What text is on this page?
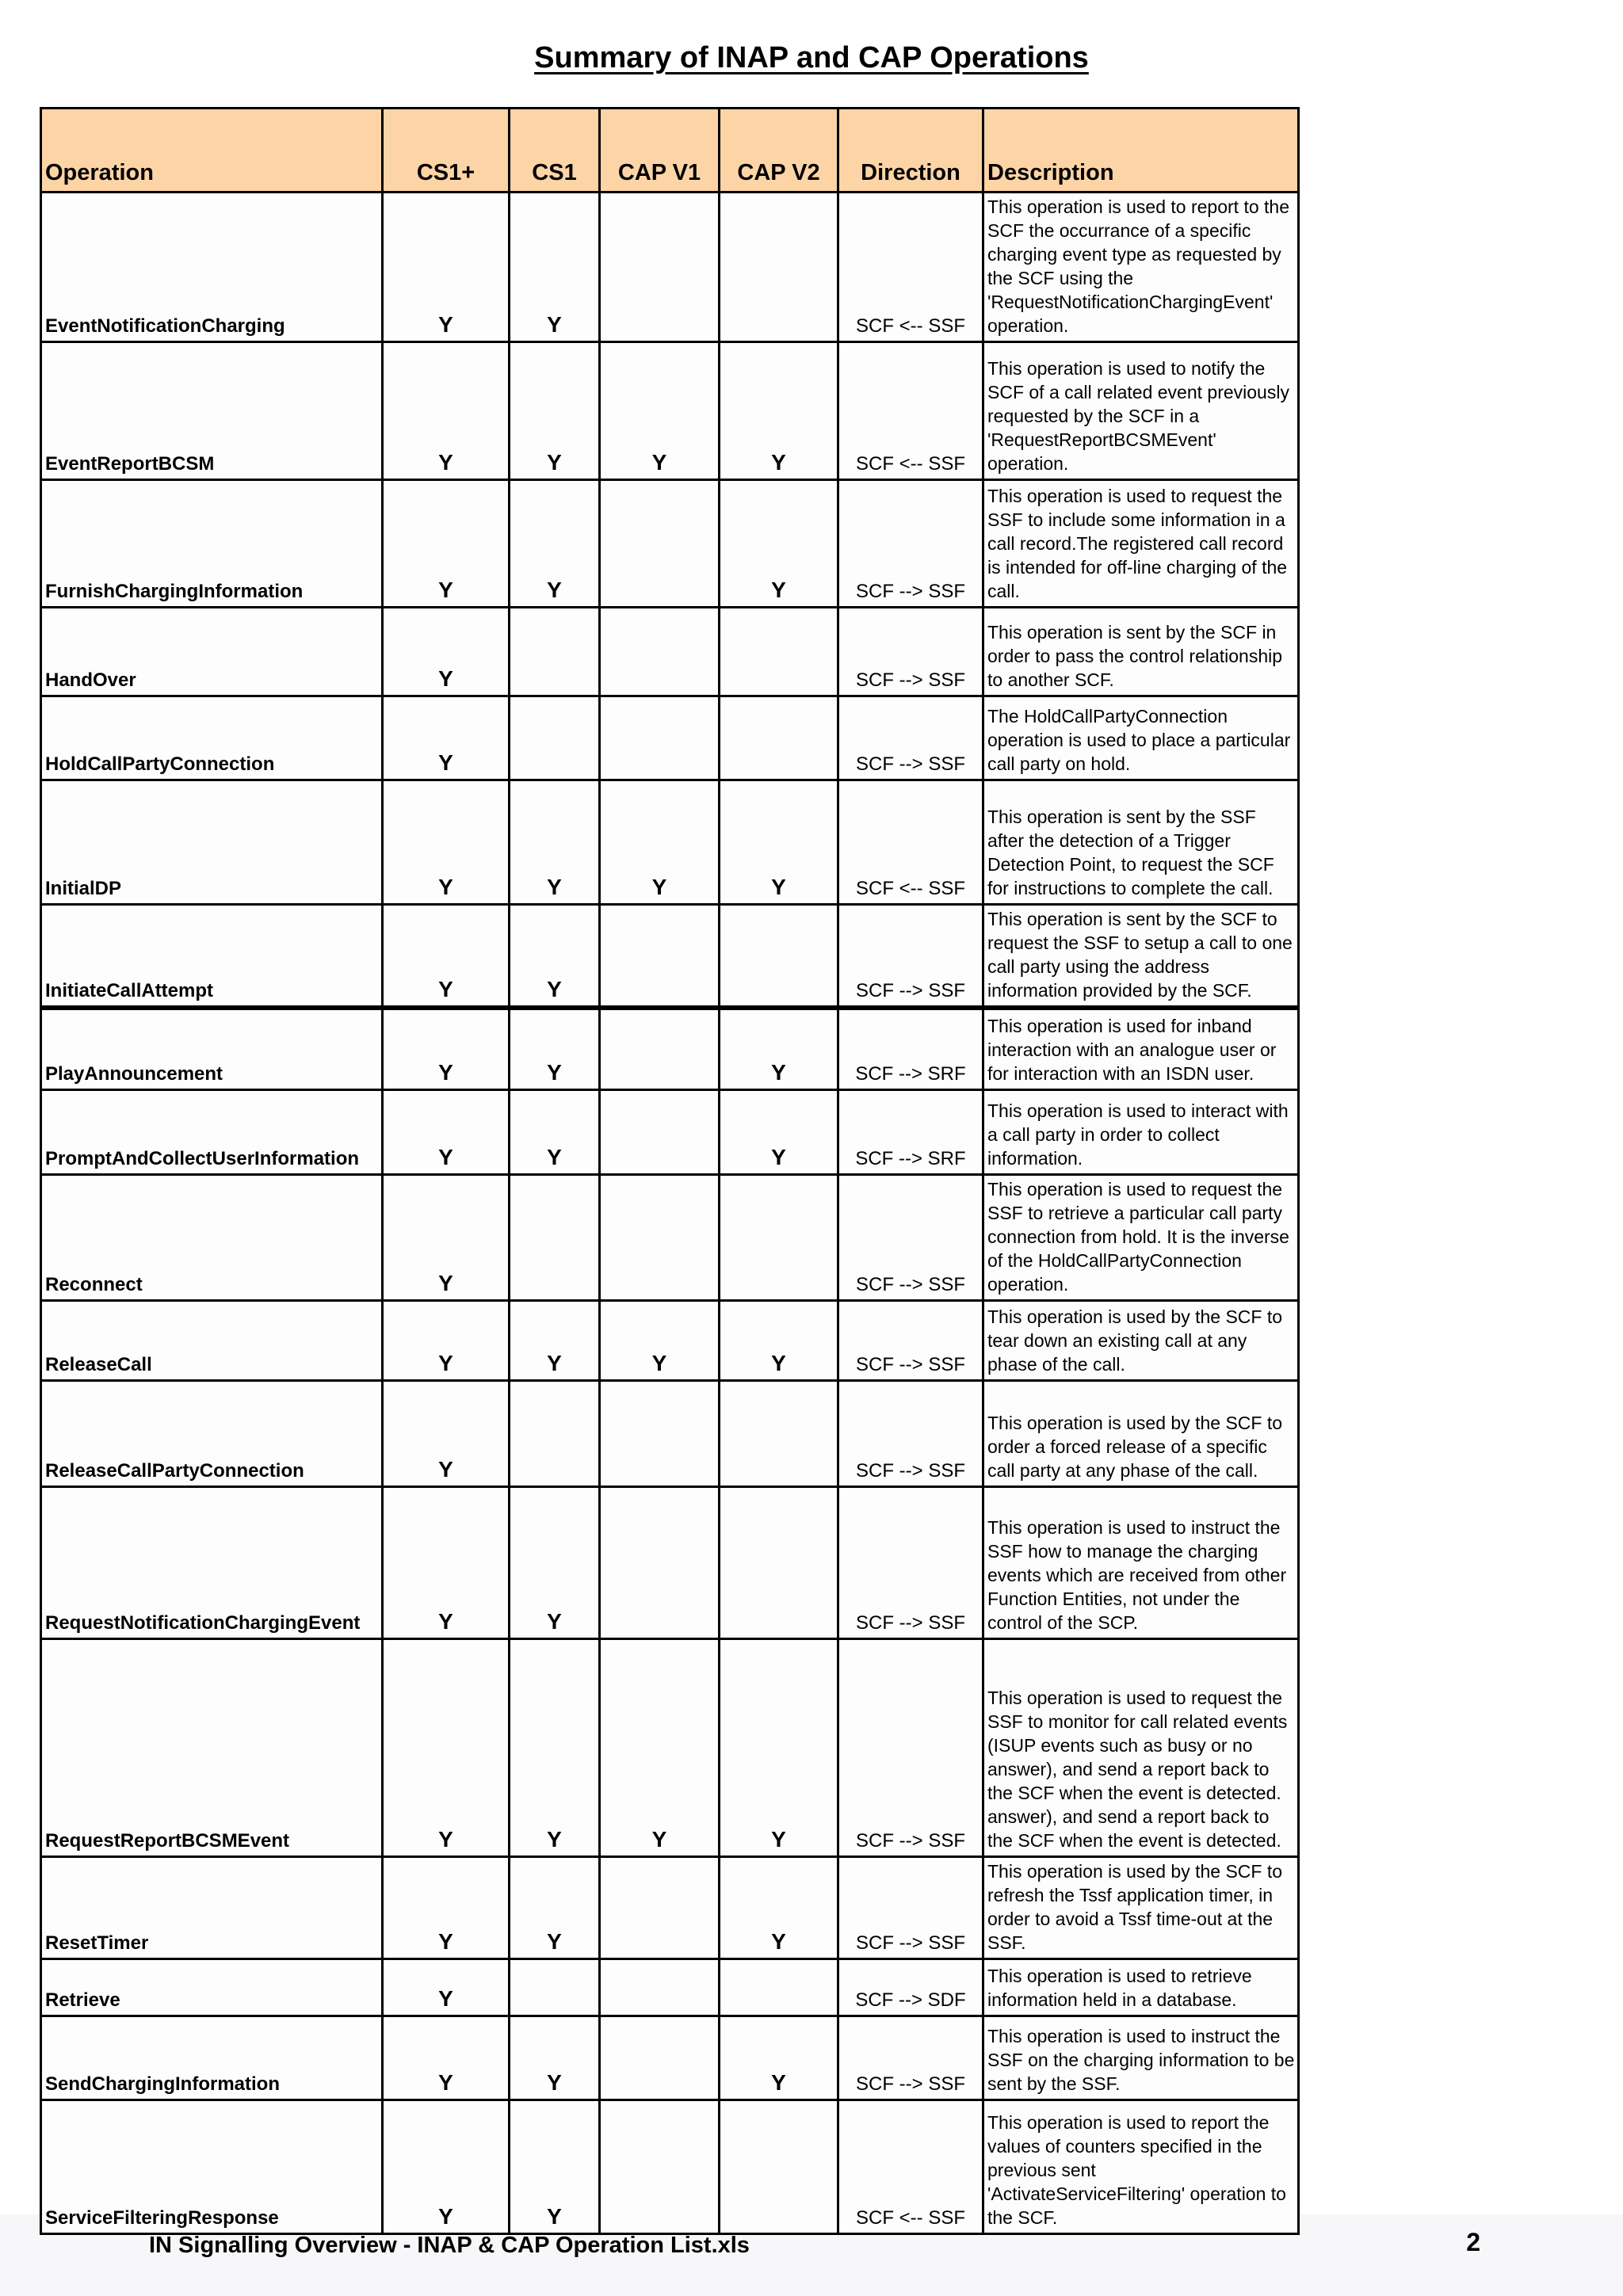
Summary of INAP and CAP Operations
Operation	CS1+	CS1	CAP V1	CAP V2	Direction	Description
EventNotificationCharging	Y	Y			SCF <-- SSF	This operation is used to report to the SCF the occurrance of a specific charging event type as requested by the SCF using the 'RequestNotificationChargingEvent' operation.
EventReportBCSM	Y	Y	Y	Y	SCF <-- SSF	This operation is used to notify the SCF of a call related event previously requested by the SCF in a 'RequestReportBCSMEvent' operation.
FurnishChargingInformation	Y	Y		Y	SCF --> SSF	This operation is used to request the SSF to include some information in a call record.The registered call record is intended for off-line charging of the call.
HandOver	Y				SCF --> SSF	This operation is sent by the SCF in order to pass the control relationship to another SCF.
HoldCallPartyConnection	Y				SCF --> SSF	The HoldCallPartyConnection operation is used to place a particular call party on hold.
InitialDP	Y	Y	Y	Y	SCF <-- SSF	This operation is sent by the SSF after the detection of a Trigger Detection Point, to request the SCF for instructions to complete the call.
InitiateCallAttempt	Y	Y			SCF --> SSF	This operation is sent by the SCF to request the SSF to setup a call to one call party using the address information provided by the SCF.
PlayAnnouncement	Y	Y		Y	SCF --> SRF	This operation is used for inband interaction with an analogue user or for interaction with an ISDN user.
PromptAndCollectUserInformation	Y	Y		Y	SCF --> SRF	This operation is used to interact with a call party in order to collect information.
Reconnect	Y				SCF --> SSF	This operation is used to request the SSF to retrieve a particular call party connection from hold. It is the inverse of the HoldCallPartyConnection operation.
ReleaseCall	Y	Y	Y	Y	SCF --> SSF	This operation is used by the SCF to tear down an existing call at any phase of the call.
ReleaseCallPartyConnection	Y				SCF --> SSF	This operation is used by the SCF to order a forced release of a specific call party at any phase of the call.
RequestNotificationChargingEvent	Y	Y			SCF --> SSF	This operation is used to instruct the SSF how to manage the charging events which are received from other Function Entities, not under the control of the SCP.
RequestReportBCSMEvent	Y	Y	Y	Y	SCF --> SSF	This operation is used to request the SSF to monitor for call related events (ISUP events such as busy or no answer), and send a report back to the SCF when the event is detected. answer), and send a report back to the SCF when the event is detected.
ResetTimer	Y	Y		Y	SCF --> SSF	This operation is used by the SCF to refresh the Tssf application timer, in order to avoid a Tssf time-out at the SSF.
Retrieve	Y				SCF --> SDF	This operation is used to retrieve information held in a database.
SendChargingInformation	Y	Y		Y	SCF --> SSF	This operation is used to instruct the SSF on the charging information to be sent by the SSF.
ServiceFilteringResponse	Y	Y			SCF <-- SSF	This operation is used to report the values of counters specified in the previous sent 'ActivateServiceFiltering' operation to the SCF.
IN Signalling Overview - INAP & CAP Operation List.xls	2
